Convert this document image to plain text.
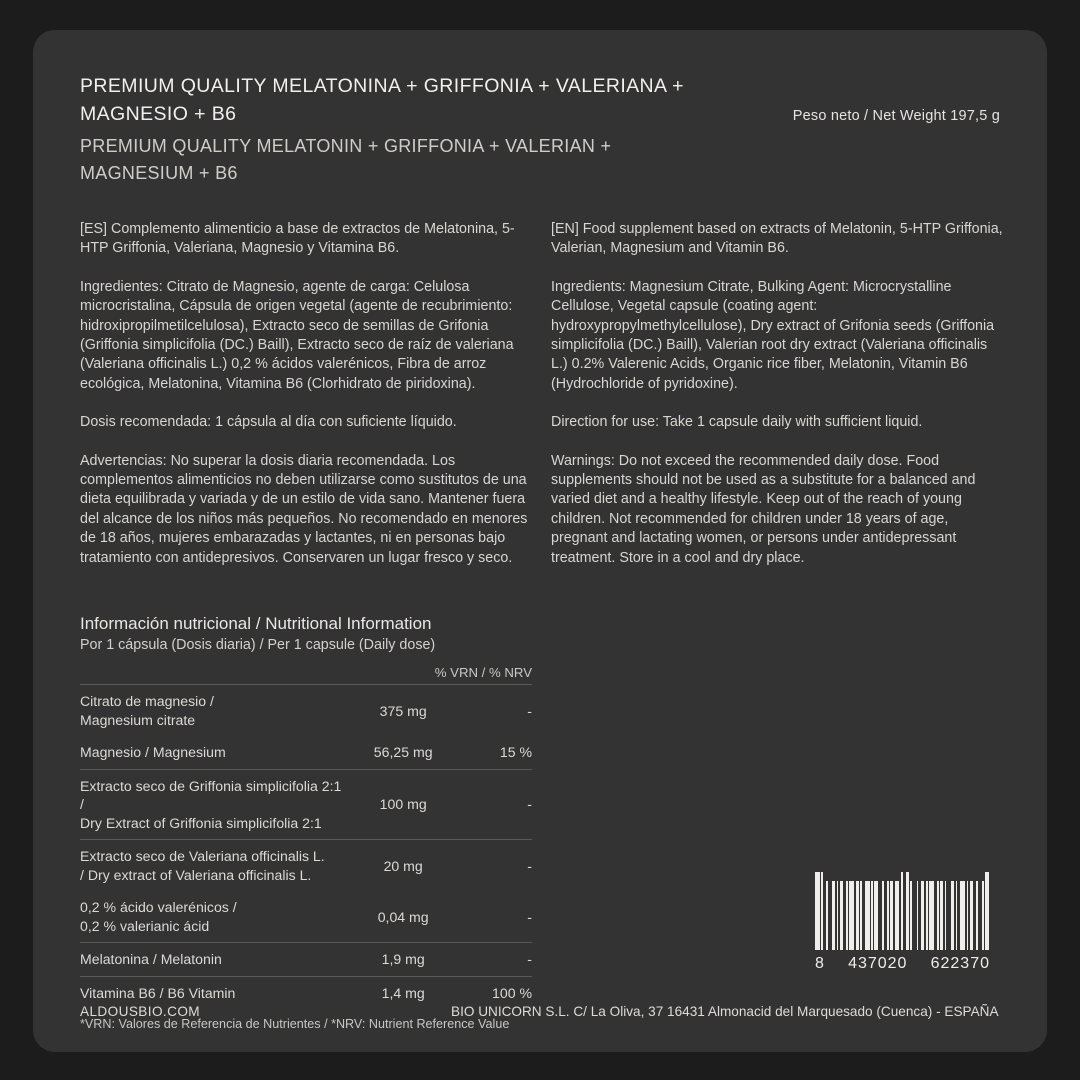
PREMIUM QUALITY MELATONINA + GRIFFONIA + VALERIANA + MAGNESIO + B6
PREMIUM QUALITY MELATONIN + GRIFFONIA + VALERIAN + MAGNESIUM + B6
Peso neto / Net Weight 197,5 g

[ES] Complemento alimenticio a base de extractos de Melatonina, 5-HTP Griffonia, Valeriana, Magnesio y Vitamina B6.

Ingredientes: Citrato de Magnesio, agente de carga: Celulosa microcristalina, Cápsula de origen vegetal (agente de recubrimiento: hidroxipropilmetilcelulosa), Extracto seco de semillas de Grifonia (Griffonia simplicifolia (DC.) Baill), Extracto seco de raíz de valeriana (Valeriana officinalis L.) 0,2 % ácidos valerénicos, Fibra de arroz ecológica, Melatonina, Vitamina B6 (Clorhidrato de piridoxina).

Dosis recomendada: 1 cápsula al día con suficiente líquido.

Advertencias: No superar la dosis diaria recomendada. Los complementos alimenticios no deben utilizarse como sustitutos de una dieta equilibrada y variada y de un estilo de vida sano. Mantener fuera del alcance de los niños más pequeños. No recomendado en menores de 18 años, mujeres embarazadas y lactantes, ni en personas bajo tratamiento con antidepresivos. Conservaren un lugar fresco y seco.

[EN] Food supplement based on extracts of Melatonin, 5-HTP Griffonia, Valerian, Magnesium and Vitamin B6.

Ingredients: Magnesium Citrate, Bulking Agent: Microcrystalline Cellulose, Vegetal capsule (coating agent: hydroxypropylmethylcellulose), Dry extract of Grifonia seeds (Griffonia simplicifolia (DC.) Baill), Valerian root dry extract (Valeriana officinalis L.) 0.2% Valerenic Acids, Organic rice fiber, Melatonin, Vitamin B6 (Hydrochloride of pyridoxine).

Direction for use: Take 1 capsule daily with sufficient liquid.

Warnings: Do not exceed the recommended daily dose. Food supplements should not be used as a substitute for a balanced and varied diet and a healthy lifestyle. Keep out of the reach of young children. Not recommended for children under 18 years of age, pregnant and lactating women, or persons under antidepressant treatment. Store in a cool and dry place.

Información nutricional / Nutritional Information
Por 1 cápsula (Dosis diaria) / Per 1 capsule (Daily dose)
% VRN / % NRV
Citrato de magnesio /
Magnesium citrate	375 mg	-
Magnesio / Magnesium	56,25 mg	15 %
Extracto seco de Griffonia simplicifolia 2:1 /
Dry Extract of Griffonia simplicifolia 2:1	100 mg	-
Extracto seco de Valeriana officinalis L.
/ Dry extract of Valeriana officinalis L.	20 mg	-
0,2 % ácido valerénicos /
0,2 % valerianic ácid	0,04 mg	-
Melatonina / Melatonin	1,9 mg	-
Vitamina B6 / B6 Vitamin	1,4 mg	100 %
*VRN: Valores de Referencia de Nutrientes / *NRV: Nutrient Reference Value
8 437020 622370
ALDOUSBIO.COM	BIO UNICORN S.L. C/ La Oliva, 37 16431 Almonacid del Marquesado (Cuenca) - ESPAÑA
